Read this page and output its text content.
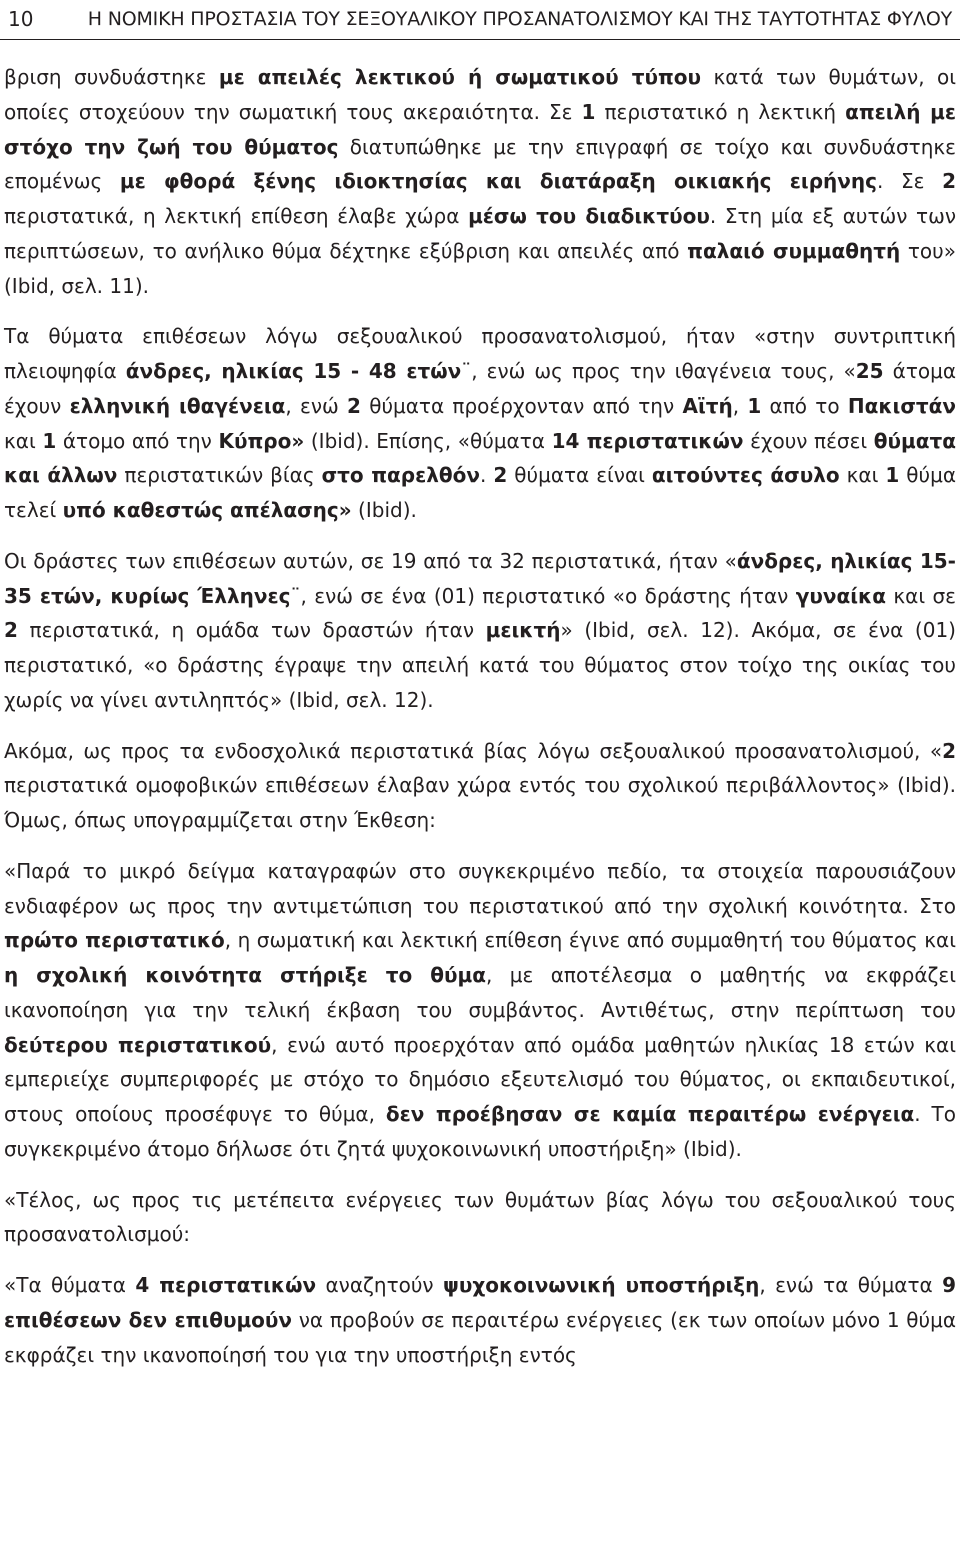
10	Η ΝΟΜΙΚΗ ΠΡΟΣΤΑΣΙΑ ΤΟΥ ΣΕΞΟΥΑΛΙΚΟΥ ΠΡΟΣΑΝΑΤΟΛΙΣΜΟΥ ΚΑΙ ΤΗΣ ΤΑΥΤΟΤΗΤΑΣ ΦΥΛΟΥ

βριση συνδυάστηκε με απειλές λεκτικού ή σωματικού τύπου κατά των θυμάτων, οι οποίες στοχεύουν την σωματική τους ακεραιότητα. Σε 1 περιστατικό η λεκτική απειλή με στόχο την ζωή του θύματος διατυπώθηκε με την επιγραφή σε τοίχο και συνδυάστηκε επομένως με φθορά ξένης ιδιοκτησίας και διατάραξη οικιακής ειρήνης. Σε 2 περιστατικά, η λεκτική επίθεση έλαβε χώρα μέσω του διαδικτύου. Στη μία εξ αυτών των περιπτώσεων, το ανήλικο θύμα δέχτηκε εξύβριση και απειλές από παλαιό συμμαθητή του» (Ibid, σελ. 11).

Τα θύματα επιθέσεων λόγω σεξουαλικού προσανατολισμού, ήταν «στην συντριπτική πλειοψηφία άνδρες, ηλικίας 15 - 48 ετών¨, ενώ ως προς την ιθαγένεια τους, «25 άτομα έχουν ελληνική ιθαγένεια, ενώ 2 θύματα προέρχονταν από την Αϊτή, 1 από το Πακιστάν και 1 άτομο από την Κύπρο» (Ibid). Επίσης, «θύματα 14 περιστατικών έχουν πέσει θύματα και άλλων περιστατικών βίας στο παρελθόν. 2 θύματα είναι αιτούντες άσυλο και 1 θύμα τελεί υπό καθεστώς απέλασης» (Ibid).

Οι δράστες των επιθέσεων αυτών, σε 19 από τα 32 περιστατικά, ήταν «άνδρες, ηλικίας 15-35 ετών, κυρίως Έλληνες¨, ενώ σε ένα (01) περιστατικό «ο δράστης ήταν γυναίκα και σε 2 περιστατικά, η ομάδα των δραστών ήταν μεικτή» (Ibid, σελ. 12). Ακόμα, σε ένα (01) περιστατικό, «ο δράστης έγραψε την απειλή κατά του θύματος στον τοίχο της οικίας του χωρίς να γίνει αντιληπτός» (Ibid, σελ. 12).

Ακόμα, ως προς τα ενδοσχολικά περιστατικά βίας λόγω σεξουαλικού προσανατολισμού, «2 περιστατικά ομοφοβικών επιθέσεων έλαβαν χώρα εντός του σχολικού περιβάλλοντος» (Ibid). Όμως, όπως υπογραμμίζεται στην Έκθεση:

«Παρά το μικρό δείγμα καταγραφών στο συγκεκριμένο πεδίο, τα στοιχεία παρουσιάζουν ενδιαφέρον ως προς την αντιμετώπιση του περιστατικού από την σχολική κοινότητα. Στο πρώτο περιστατικό, η σωματική και λεκτική επίθεση έγινε από συμμαθητή του θύματος και η σχολική κοινότητα στήριξε το θύμα, με αποτέλεσμα ο μαθητής να εκφράζει ικανοποίηση για την τελική έκβαση του συμβάντος. Αντιθέτως, στην περίπτωση του δεύτερου περιστατικού, ενώ αυτό προερχόταν από ομάδα μαθητών ηλικίας 18 ετών και εμπεριείχε συμπεριφορές με στόχο το δημόσιο εξευτελισμό του θύματος, οι εκπαιδευτικοί, στους οποίους προσέφυγε το θύμα, δεν προέβησαν σε καμία περαιτέρω ενέργεια. Το συγκεκριμένο άτομο δήλωσε ότι ζητά ψυχοκοινωνική υποστήριξη» (Ibid).

«Τέλος, ως προς τις μετέπειτα ενέργειες των θυμάτων βίας λόγω του σεξουαλικού τους προσανατολισμού:

«Τα θύματα 4 περιστατικών αναζητούν ψυχοκοινωνική υποστήριξη, ενώ τα θύματα 9 επιθέσεων δεν επιθυμούν να προβούν σε περαιτέρω ενέργειες (εκ των οποίων μόνο 1 θύμα εκφράζει την ικανοποίησή του για την υποστήριξη εντός
